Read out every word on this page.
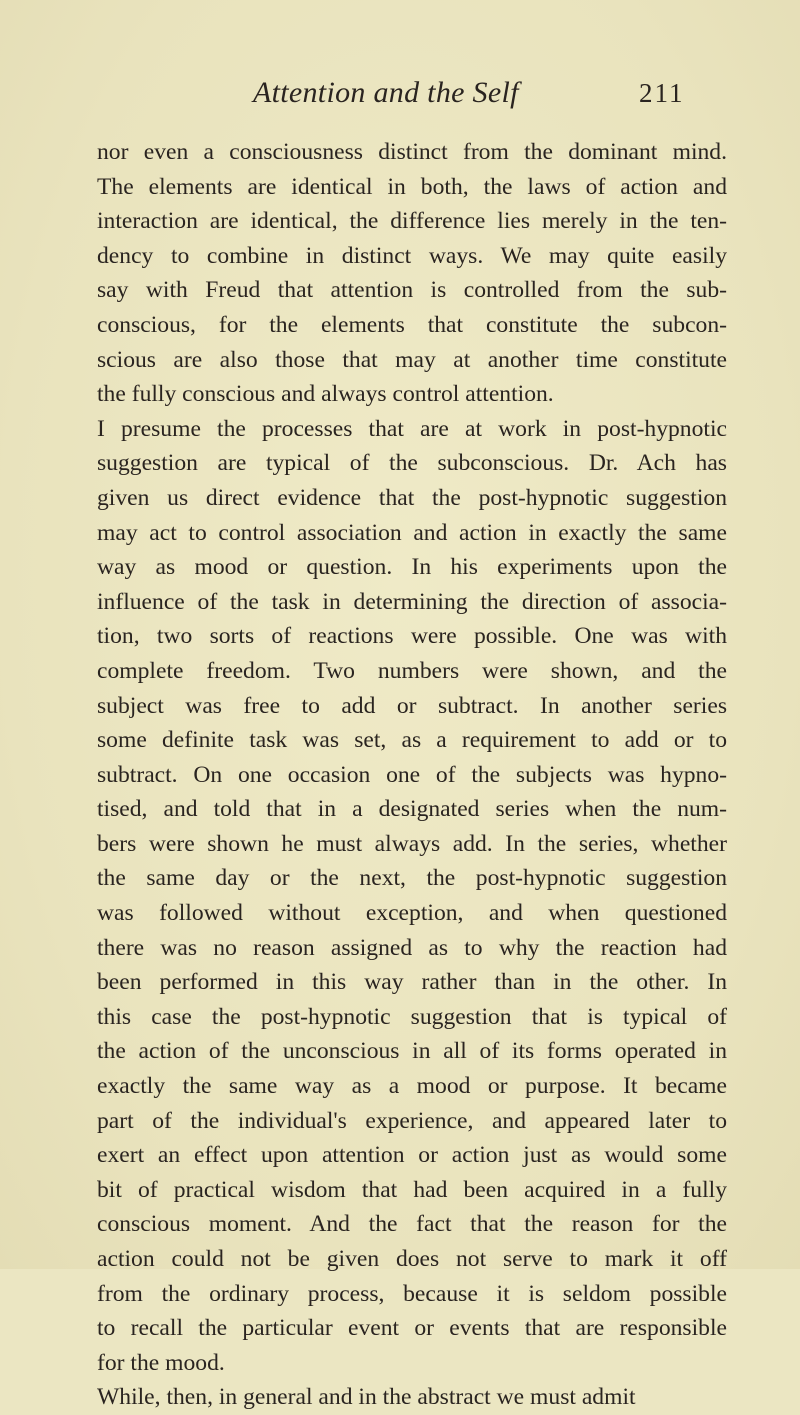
Attention and the Self	211
nor even a consciousness distinct from the dominant mind.
The elements are identical in both, the laws of action and
interaction are identical, the difference lies merely in the ten-
dency to combine in distinct ways. We may quite easily
say with Freud that attention is controlled from the sub-
conscious, for the elements that constitute the subcon-
scious are also those that may at another time constitute
the fully conscious and always control attention.
I presume the processes that are at work in post-hypnotic
suggestion are typical of the subconscious. Dr. Ach has
given us direct evidence that the post-hypnotic suggestion
may act to control association and action in exactly the same
way as mood or question. In his experiments upon the
influence of the task in determining the direction of associa-
tion, two sorts of reactions were possible. One was with
complete freedom. Two numbers were shown, and the
subject was free to add or subtract. In another series
some definite task was set, as a requirement to add or to
subtract. On one occasion one of the subjects was hypno-
tised, and told that in a designated series when the num-
bers were shown he must always add. In the series, whether
the same day or the next, the post-hypnotic suggestion
was followed without exception, and when questioned
there was no reason assigned as to why the reaction had
been performed in this way rather than in the other. In
this case the post-hypnotic suggestion that is typical of
the action of the unconscious in all of its forms operated in
exactly the same way as a mood or purpose. It became
part of the individual's experience, and appeared later to
exert an effect upon attention or action just as would some
bit of practical wisdom that had been acquired in a fully
conscious moment. And the fact that the reason for the
action could not be given does not serve to mark it off
from the ordinary process, because it is seldom possible
to recall the particular event or events that are responsible
for the mood.
While, then, in general and in the abstract we must admit
